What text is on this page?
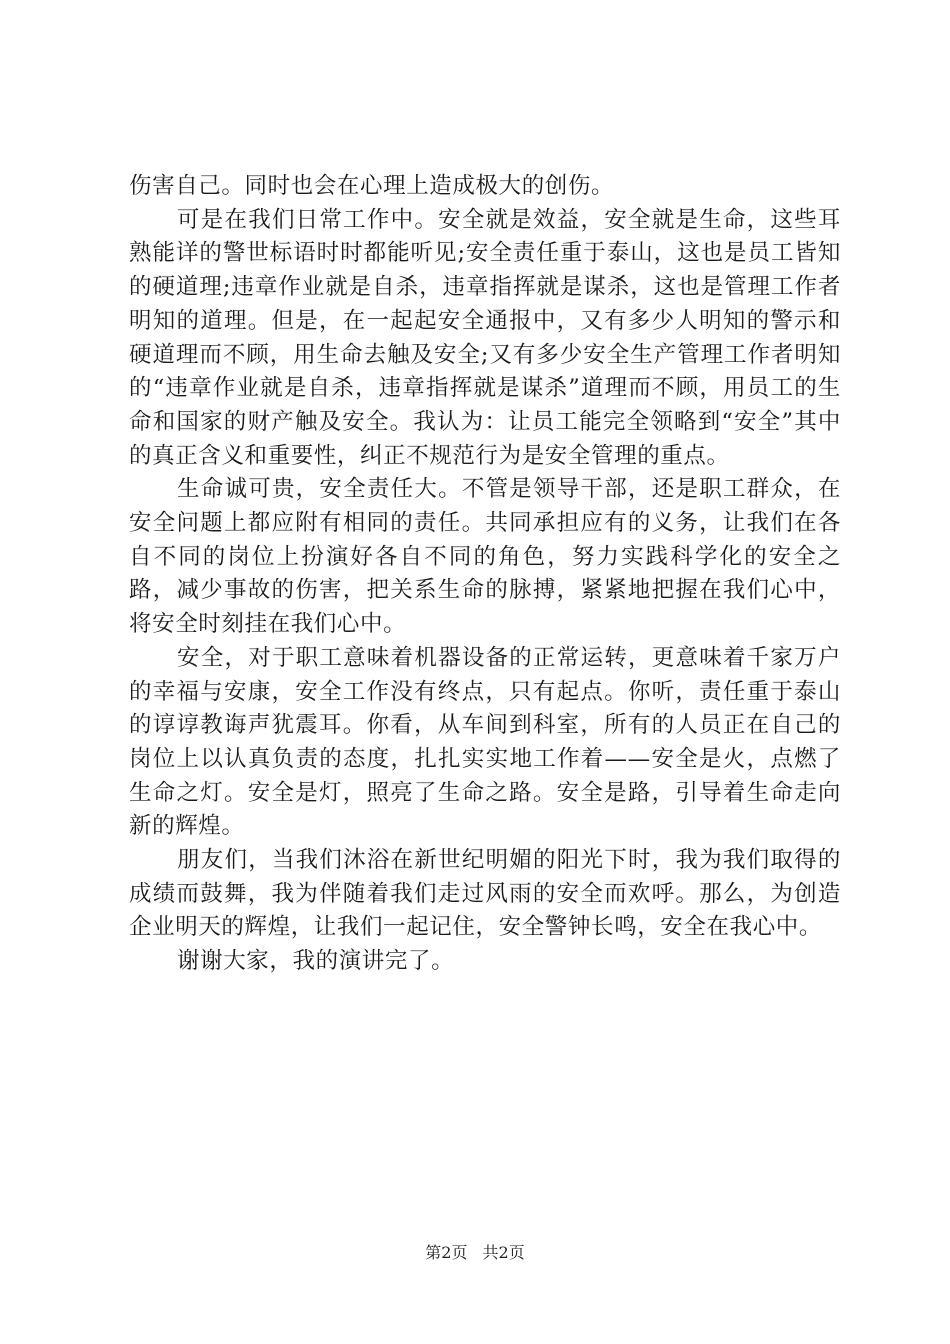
伤害自己。同时也会在心理上造成极大的创伤。

可是在我们日常工作中。安全就是效益，安全就是生命，这些耳熟能详的警世标语时时都能听见;安全责任重于泰山，这也是员工皆知的硬道理;违章作业就是自杀，违章指挥就是谋杀，这也是管理工作者明知的道理。但是，在一起起安全通报中，又有多少人明知的警示和硬道理而不顾，用生命去触及安全;又有多少安全生产管理工作者明知的“违章作业就是自杀，违章指挥就是谋杀”道理而不顾，用员工的生命和国家的财产触及安全。我认为：让员工能完全领略到“安全”其中的真正含义和重要性，纠正不规范行为是安全管理的重点。

生命诚可贵，安全责任大。不管是领导干部，还是职工群众，在安全问题上都应附有相同的责任。共同承担应有的义务，让我们在各自不同的岗位上扮演好各自不同的角色，努力实践科学化的安全之路，减少事故的伤害，把关系生命的脉搏，紧紧地把握在我们心中，将安全时刻挂在我们心中。

安全，对于职工意味着机器设备的正常运转，更意味着千家万户的幸福与安康，安全工作没有终点，只有起点。你听，责任重于泰山的谆谆教诲声犹震耳。你看，从车间到科室，所有的人员正在自己的岗位上以认真负责的态度，扎扎实实地工作着——安全是火，点燃了生命之灯。安全是灯，照亮了生命之路。安全是路，引导着生命走向新的辉煌。

朋友们，当我们沐浴在新世纪明媚的阳光下时，我为我们取得的成绩而鼓舞，我为伴随着我们走过风雨的安全而欢呼。那么，为创造企业明天的辉煌，让我们一起记住，安全警钟长鸣，安全在我心中。

谢谢大家，我的演讲完了。

第2页 共2页
